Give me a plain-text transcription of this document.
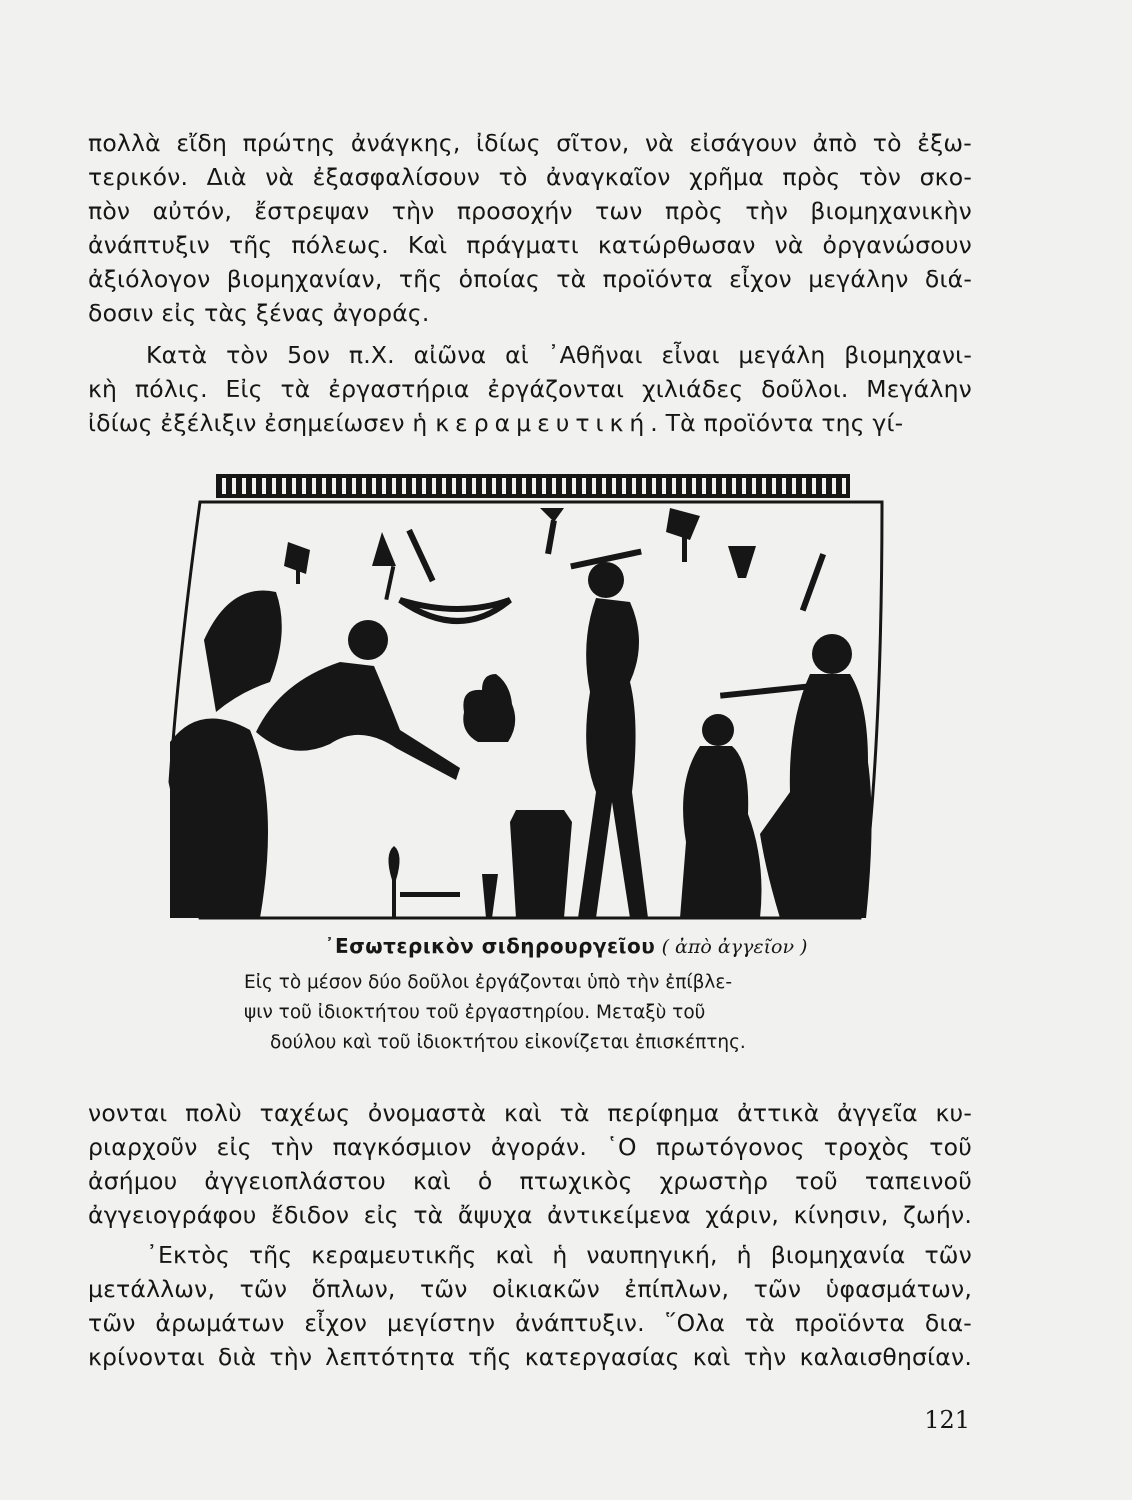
πολλὰ εἴδη πρώτης ἀνάγκης, ἰδίως σῖτον, νὰ εἰσάγουν ἀπὸ τὸ ἐξω-
τερικόν. Διὰ νὰ ἐξασφαλίσουν τὸ ἀναγκαῖον χρῆμα πρὸς τὸν σκο-
πὸν αὐτόν, ἔστρεψαν τὴν προσοχήν των πρὸς τὴν βιομηχανικὴν
ἀνάπτυξιν τῆς πόλεως. Καὶ πράγματι κατώρθωσαν νὰ ὀργανώσουν
ἀξιόλογον βιομηχανίαν, τῆς ὁποίας τὰ προϊόντα εἶχον μεγάλην διά-
δοσιν εἰς τὰς ξένας ἀγοράς.
Κατὰ τὸν 5ον π.Χ. αἰῶνα αἱ ᾿Αθῆναι εἶναι μεγάλη βιομηχανι-
κὴ πόλις. Εἰς τὰ ἐργαστήρια ἐργάζονται χιλιάδες δοῦλοι. Μεγάλην
ἰδίως ἐξέλιξιν ἐσημείωσεν ἡ κεραμευτική. Τὰ προϊόντα της γί-
᾿Εσωτερικὸν σιδηρουργεῖου ( ἀπὸ ἀγγεῖον )
Εἰς τὸ μέσον δύο δοῦλοι ἐργάζονται ὑπὸ τὴν ἐπίβλε-
ψιν τοῦ ἰδιοκτήτου τοῦ ἐργαστηρίου. Μεταξὺ τοῦ
δούλου καὶ τοῦ ἰδιοκτήτου εἰκονίζεται ἐπισκέπτης.
νονται πολὺ ταχέως ὀνομαστὰ καὶ τὰ περίφημα ἀττικὰ ἀγγεῖα κυ-
ριαρχοῦν εἰς τὴν παγκόσμιον ἀγοράν. ῾Ο πρωτόγονος τροχὸς τοῦ
ἀσήμου ἀγγειοπλάστου καὶ ὁ πτωχικὸς χρωστὴρ τοῦ ταπεινοῦ
ἀγγειογράφου ἔδιδον εἰς τὰ ἄψυχα ἀντικείμενα χάριν, κίνησιν, ζωήν.
᾿Εκτὸς τῆς κεραμευτικῆς καὶ ἡ ναυπηγική, ἡ βιομηχανία τῶν
μετάλλων, τῶν ὅπλων, τῶν οἰκιακῶν ἐπίπλων, τῶν ὑφασμάτων,
τῶν ἀρωμάτων εἶχον μεγίστην ἀνάπτυξιν. ῞Ολα τὰ προϊόντα δια-
κρίνονται διὰ τὴν λεπτότητα τῆς κατεργασίας καὶ τὴν καλαισθησίαν.
121
